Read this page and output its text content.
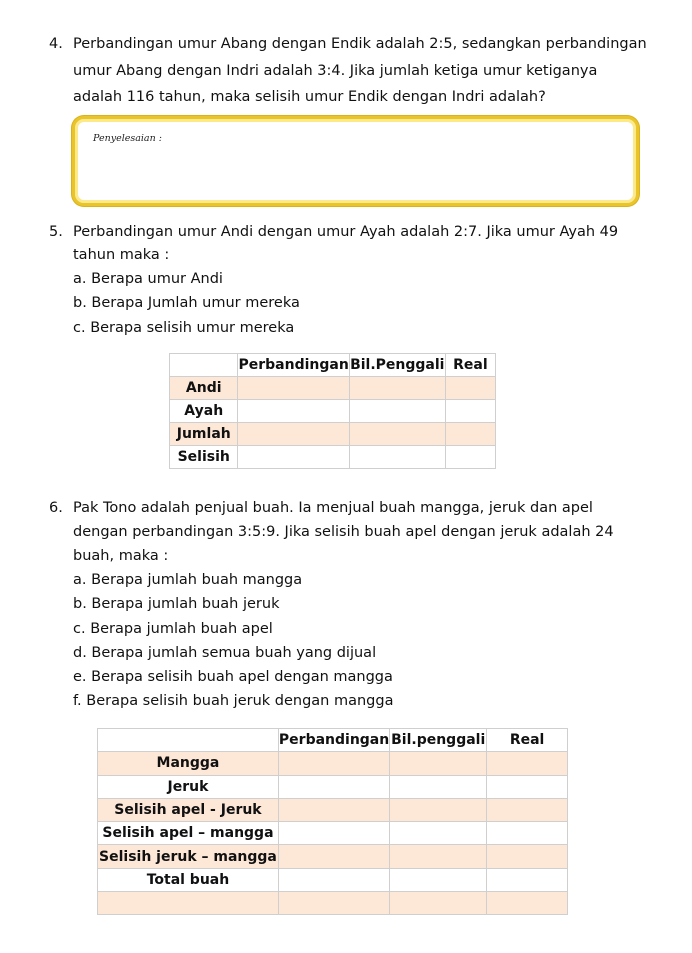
4. Perbandingan umur Abang dengan Endik adalah 2:5, sedangkan perbandingan
umur Abang dengan Indri adalah 3:4. Jika jumlah ketiga umur ketiganya
adalah 116 tahun, maka selisih umur Endik dengan Indri adalah?
Penyelesaian :
5. Perbandingan umur Andi dengan umur Ayah adalah 2:7. Jika umur Ayah 49
tahun maka :
a. Berapa umur Andi
b. Berapa Jumlah umur mereka
c. Berapa selisih umur mereka
	Perbandingan	Bil.Penggali	Real
Andi			
Ayah			
Jumlah			
Selisih			
6. Pak Tono adalah penjual buah. Ia menjual buah mangga, jeruk dan apel
dengan perbandingan 3:5:9. Jika selisih buah apel dengan jeruk adalah 24
buah, maka :
a. Berapa jumlah buah mangga
b. Berapa jumlah buah jeruk
c. Berapa jumlah buah apel
d. Berapa jumlah semua buah yang dijual
e. Berapa selisih buah apel dengan mangga
f. Berapa selisih buah jeruk dengan mangga
	Perbandingan	Bil.penggali	Real
Mangga			
Jeruk			
Selisih apel - Jeruk			
Selisih apel – mangga			
Selisih jeruk – mangga			
Total buah			
